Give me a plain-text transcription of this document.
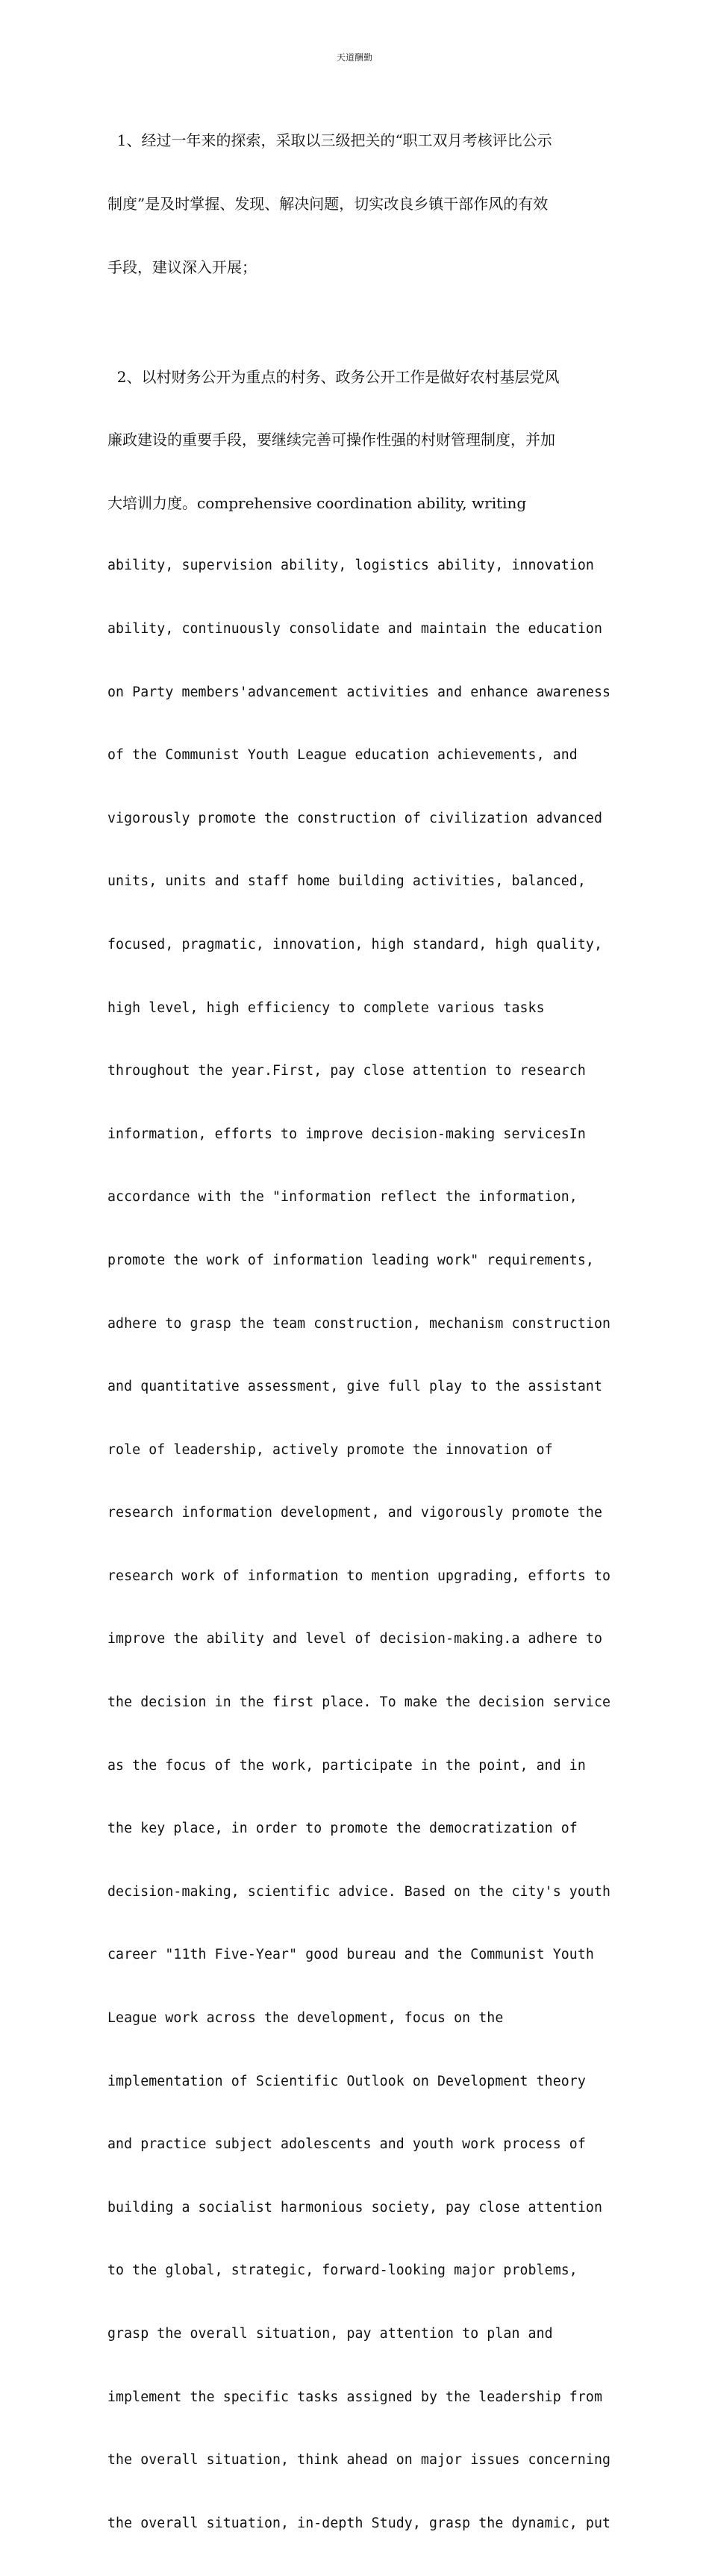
天道酬勤

1、经过一年来的探索，采取以三级把关的“职工双月考核评比公示

制度”是及时掌握、发现、解决问题，切实改良乡镇干部作风的有效

手段，建议深入开展；

2、以村财务公开为重点的村务、政务公开工作是做好农村基层党风

廉政建设的重要手段，要继续完善可操作性强的村财管理制度，并加

大培训力度。comprehensive coordination ability, writing

ability, supervision ability, logistics ability, innovation

ability, continuously consolidate and maintain the education

on Party members'advancement activities and enhance awareness

of the Communist Youth League education achievements, and

vigorously promote the construction of civilization advanced

units, units and staff home building activities, balanced,

focused, pragmatic, innovation, high standard, high quality,

high level, high efficiency to complete various tasks

throughout the year.First, pay close attention to research

information, efforts to improve decision-making servicesIn

accordance with the "information reflect the information,

promote the work of information leading work" requirements,

adhere to grasp the team construction, mechanism construction

and quantitative assessment, give full play to the assistant

role of leadership, actively promote the innovation of

research information development, and vigorously promote the

research work of information to mention upgrading, efforts to

improve the ability and level of decision-making.a adhere to

the decision in the first place. To make the decision service

as the focus of the work, participate in the point, and in

the key place, in order to promote the democratization of

decision-making, scientific advice. Based on the city's youth

career "11th Five-Year" good bureau and the Communist Youth

League work across the development, focus on the

implementation of Scientific Outlook on Development theory

and practice subject adolescents and youth work process of

building a socialist harmonious society, pay close attention

to the global, strategic, forward-looking major problems,

grasp the overall situation, pay attention to plan and

implement the specific tasks assigned by the leadership from

the overall situation, think ahead on major issues concerning

the overall situation, in-depth Study, grasp the dynamic, put
